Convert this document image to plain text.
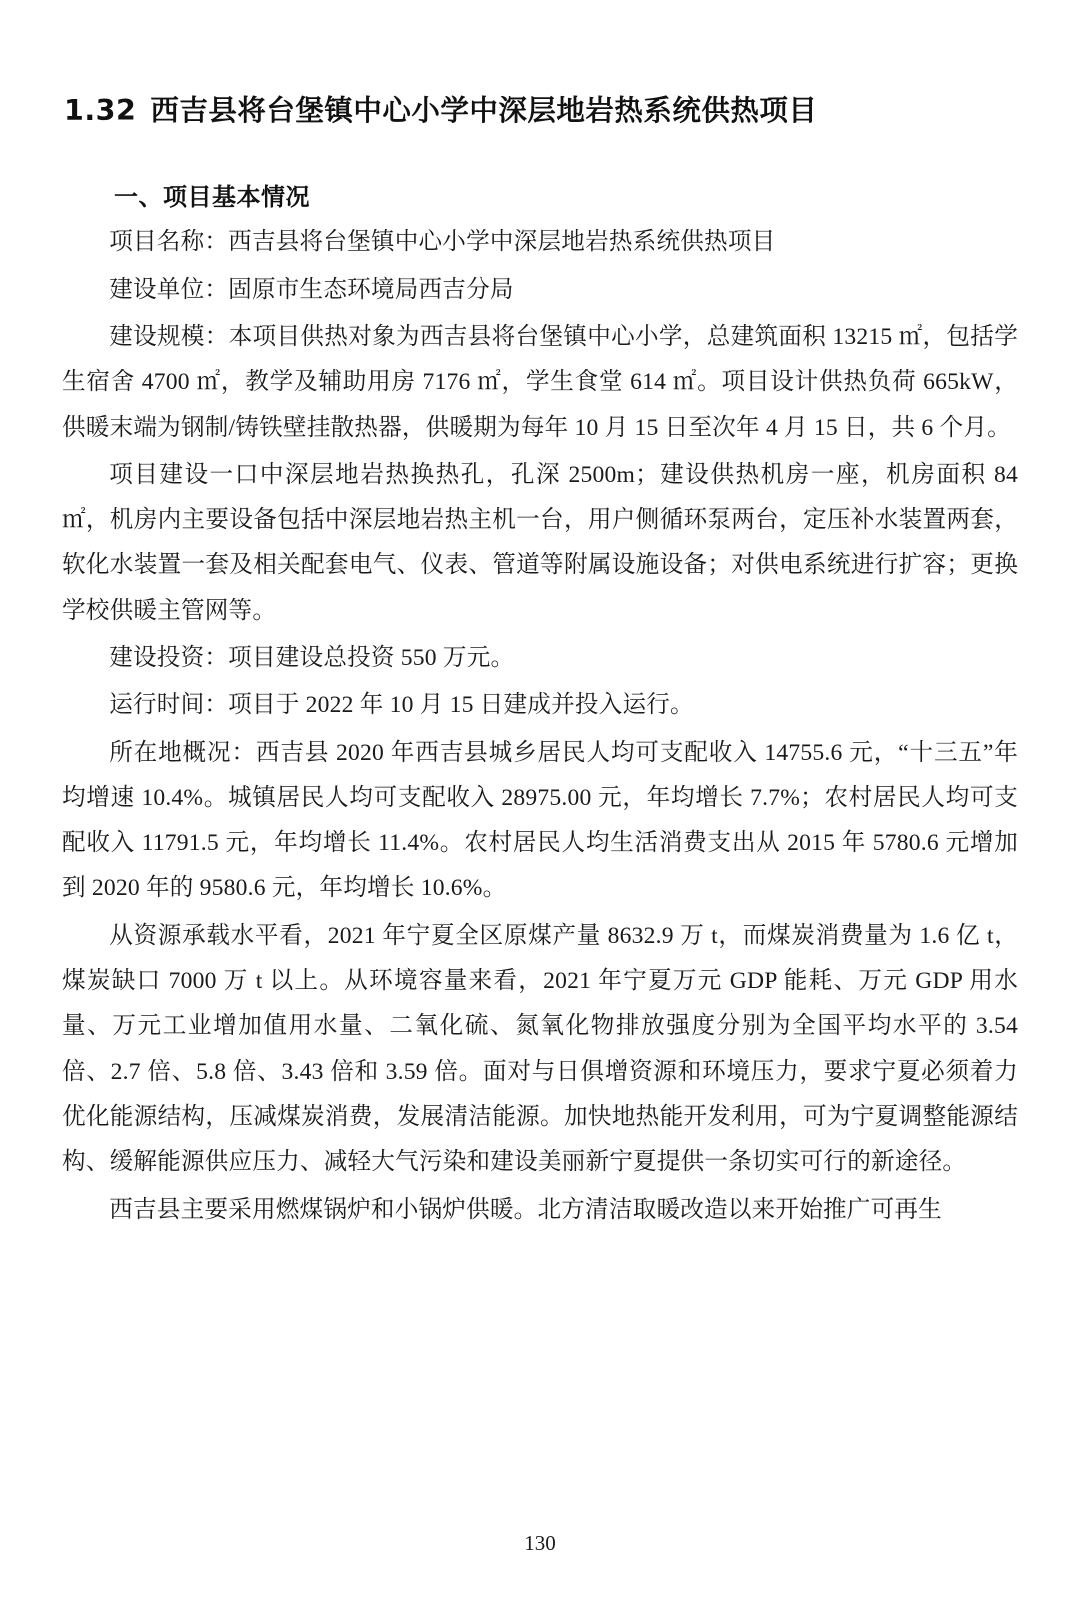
1.32 西吉县将台堡镇中心小学中深层地岩热系统供热项目
一、项目基本情况

项目名称：西吉县将台堡镇中心小学中深层地岩热系统供热项目

建设单位：固原市生态环境局西吉分局

建设规模：本项目供热对象为西吉县将台堡镇中心小学，总建筑面积 13215 ㎡，包括学生宿舍 4700 ㎡，教学及辅助用房 7176 ㎡，学生食堂 614 ㎡。项目设计供热负荷 665kW，供暖末端为钢制/铸铁壁挂散热器，供暖期为每年 10 月 15 日至次年 4 月 15 日，共 6 个月。

项目建设一口中深层地岩热换热孔，孔深 2500m；建设供热机房一座，机房面积 84 ㎡，机房内主要设备包括中深层地岩热主机一台，用户侧循环泵两台，定压补水装置两套，软化水装置一套及相关配套电气、仪表、管道等附属设施设备；对供电系统进行扩容；更换学校供暖主管网等。

建设投资：项目建设总投资 550 万元。

运行时间：项目于 2022 年 10 月 15 日建成并投入运行。

所在地概况：西吉县 2020 年西吉县城乡居民人均可支配收入 14755.6 元，“十三五”年均增速 10.4%。城镇居民人均可支配收入 28975.00 元，年均增长 7.7%；农村居民人均可支配收入 11791.5 元，年均增长 11.4%。农村居民人均生活消费支出从 2015 年 5780.6 元增加到 2020 年的 9580.6 元，年均增长 10.6%。

从资源承载水平看，2021 年宁夏全区原煤产量 8632.9 万 t，而煤炭消费量为 1.6 亿 t，煤炭缺口 7000 万 t 以上。从环境容量来看，2021 年宁夏万元 GDP 能耗、万元 GDP 用水量、万元工业增加值用水量、二氧化硫、氮氧化物排放强度分别为全国平均水平的 3.54 倍、2.7 倍、5.8 倍、3.43 倍和 3.59 倍。面对与日俱增资源和环境压力，要求宁夏必须着力优化能源结构，压减煤炭消费，发展清洁能源。加快地热能开发利用，可为宁夏调整能源结构、缓解能源供应压力、减轻大气污染和建设美丽新宁夏提供一条切实可行的新途径。

西吉县主要采用燃煤锅炉和小锅炉供暖。北方清洁取暖改造以来开始推广可再生

130
